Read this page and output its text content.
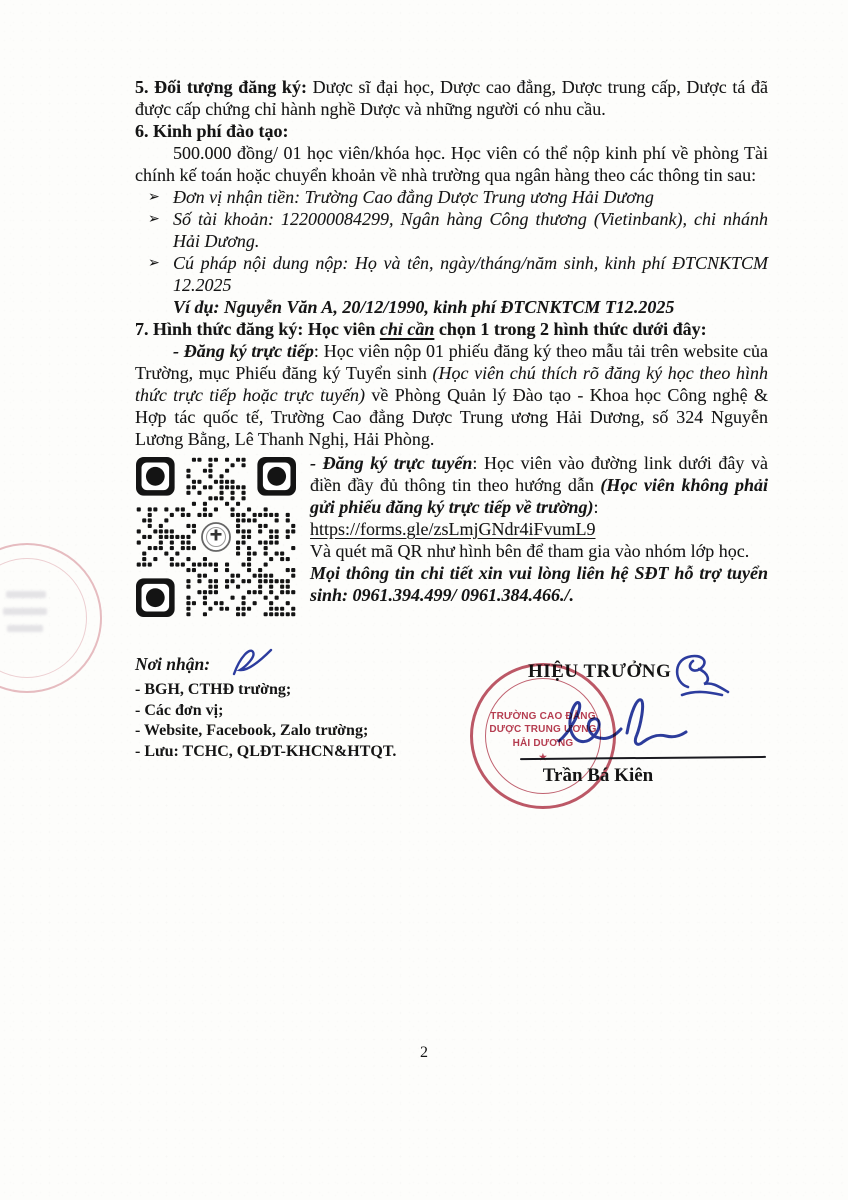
5. Đối tượng đăng ký: Dược sĩ đại học, Dược cao đẳng, Dược trung cấp, Dược tá đã được cấp chứng chỉ hành nghề Dược và những người có nhu cầu.

6. Kinh phí đào tạo:

500.000 đồng/ 01 học viên/khóa học. Học viên có thể nộp kinh phí về phòng Tài chính kế toán hoặc chuyển khoản về nhà trường qua ngân hàng theo các thông tin sau:

➢ Đơn vị nhận tiền: Trường Cao đẳng Dược Trung ương Hải Dương
➢ Số tài khoản: 122000084299, Ngân hàng Công thương (Vietinbank), chi nhánh Hải Dương.
➢ Cú pháp nội dung nộp: Họ và tên, ngày/tháng/năm sinh, kinh phí ĐTCNKTCM 12.2025

Ví dụ: Nguyễn Văn A, 20/12/1990, kinh phí ĐTCNKTCM T12.2025

7. Hình thức đăng ký: Học viên chỉ cần chọn 1 trong 2 hình thức dưới đây:

- Đăng ký trực tiếp: Học viên nộp 01 phiếu đăng ký theo mẫu tải trên website của Trường, mục Phiếu đăng ký Tuyển sinh (Học viên chú thích rõ đăng ký học theo hình thức trực tiếp hoặc trực tuyến) về Phòng Quản lý Đào tạo - Khoa học Công nghệ & Hợp tác quốc tế, Trường Cao đẳng Dược Trung ương Hải Dương, số 324 Nguyễn Lương Bằng, Lê Thanh Nghị, Hải Phòng.

- Đăng ký trực tuyến: Học viên vào đường link dưới đây và điền đầy đủ thông tin theo hướng dẫn (Học viên không phải gửi phiếu đăng ký trực tiếp về trường):

https://forms.gle/zsLmjGNdr4iFvumL9

Và quét mã QR như hình bên để tham gia vào nhóm lớp học.

Mọi thông tin chi tiết xin vui lòng liên hệ SĐT hỗ trợ tuyển sinh: 0961.394.499/ 0961.384.466./.

Nơi nhận:
- BGH, CTHĐ trường;
- Các đơn vị;
- Website, Facebook, Zalo trường;
- Lưu: TCHC, QLĐT-KHCN&HTQT.
HIỆU TRƯỞNG
TRƯỜNG CAO ĐẲNG
DƯỢC TRUNG ƯƠNG
HẢI DƯƠNG
Trần Bá Kiên
2
